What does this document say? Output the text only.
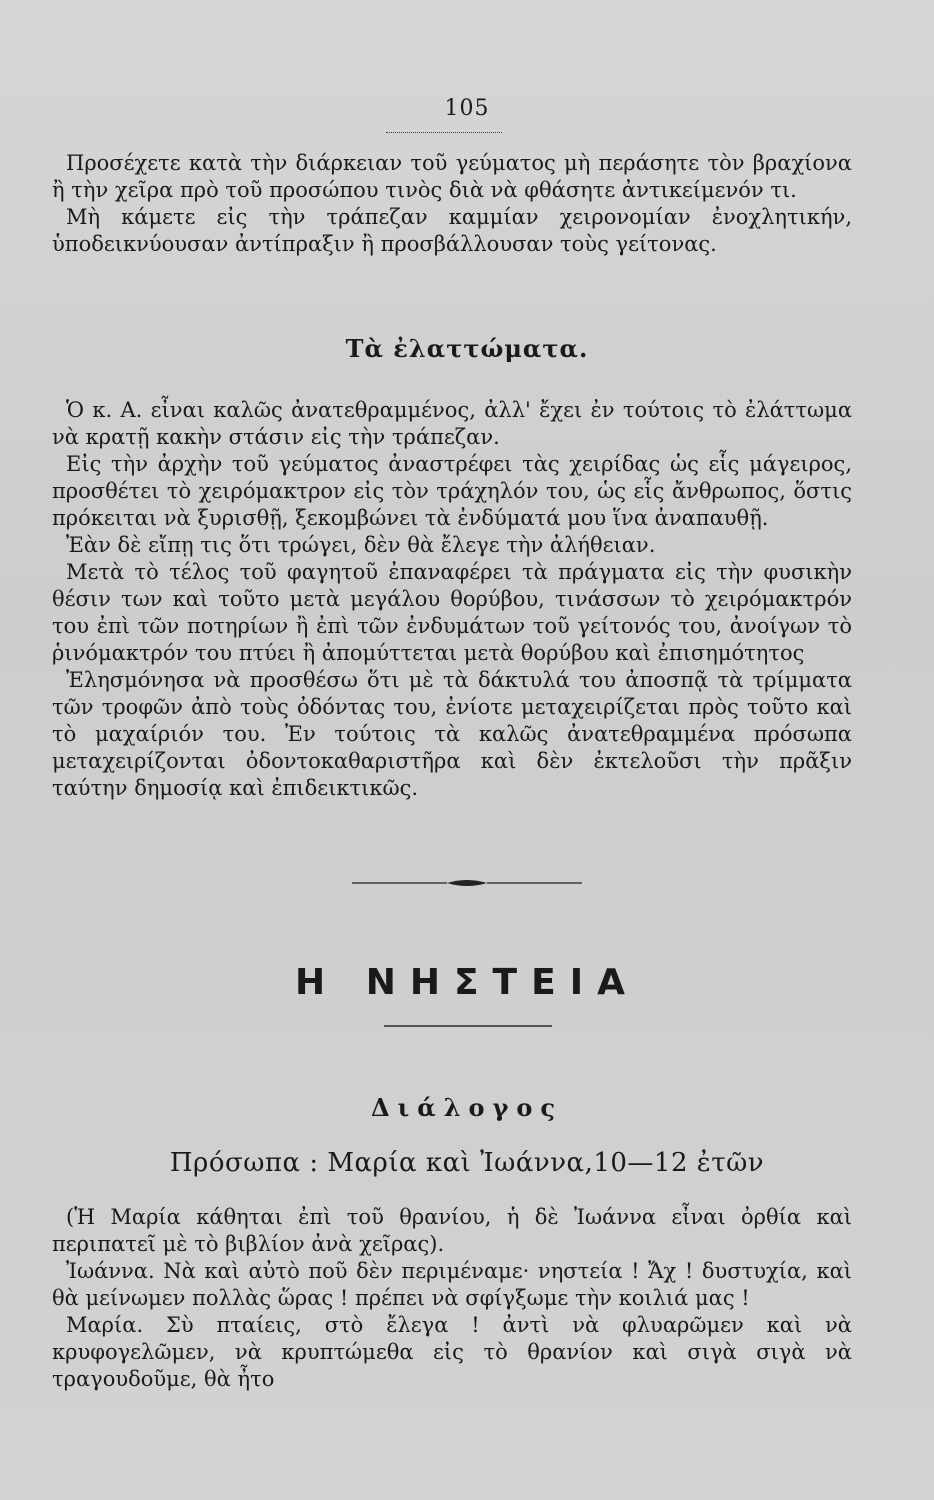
105

Προσέχετε κατὰ τὴν διάρκειαν τοῦ γεύματος μὴ περάσητε τὸν βραχίονα ἢ τὴν χεῖρα πρὸ τοῦ προσώπου τινὸς διὰ νὰ φθάσητε ἀντικείμενόν τι.

Μὴ κάμετε εἰς τὴν τράπεζαν καμμίαν χειρονομίαν ἐνοχλητικήν, ὑποδεικνύουσαν ἀντίπραξιν ἢ προσβάλλουσαν τοὺς γείτονας.

Τὰ ἐλαττώματα.

Ὁ κ. Α. εἶναι καλῶς ἀνατεθραμμένος, ἀλλ' ἔχει ἐν τούτοις τὸ ἐλάττωμα νὰ κρατῇ κακὴν στάσιν εἰς τὴν τράπεζαν.

Εἰς τὴν ἀρχὴν τοῦ γεύματος ἀναστρέφει τὰς χειρίδας ὡς εἷς μάγειρος, προσθέτει τὸ χειρόμακτρον εἰς τὸν τράχηλόν του, ὡς εἷς ἄνθρωπος, ὅστις πρόκειται νὰ ξυρισθῇ, ξεκομβώνει τὰ ἐνδύματά μου ἵνα ἀναπαυθῇ.

Ἐὰν δὲ εἴπῃ τις ὅτι τρώγει, δὲν θὰ ἔλεγε τὴν ἀλήθειαν.

Μετὰ τὸ τέλος τοῦ φαγητοῦ ἐπαναφέρει τὰ πράγματα εἰς τὴν φυσικὴν θέσιν των καὶ τοῦτο μετὰ μεγάλου θορύβου, τινάσσων τὸ χειρόμακτρόν του ἐπὶ τῶν ποτηρίων ἢ ἐπὶ τῶν ἐνδυμάτων τοῦ γείτονός του, ἀνοίγων τὸ ῥινόμακτρόν του πτύει ἢ ἀπομύττεται μετὰ θορύβου καὶ ἐπισημότητος

Ἐλησμόνησα νὰ προσθέσω ὅτι μὲ τὰ δάκτυλά του ἀποσπᾷ τὰ τρίμματα τῶν τροφῶν ἀπὸ τοὺς ὀδόντας του, ἐνίοτε μεταχειρίζεται πρὸς τοῦτο καὶ τὸ μαχαίριόν του. Ἐν τούτοις τὰ καλῶς ἀνατεθραμμένα πρόσωπα μεταχειρίζονται ὀδοντοκαθαριστῆρα καὶ δὲν ἐκτελοῦσι τὴν πρᾶξιν ταύτην δημοσίᾳ καὶ ἐπιδεικτικῶς.

Η ΝΗΣΤΕΙΑ
Διάλογος
Πρόσωπα : Μαρία καὶ Ἰωάννα,10—12 ἐτῶν

(Ἡ Μαρία κάθηται ἐπὶ τοῦ θρανίου, ἡ δὲ Ἰωάννα εἶναι ὀρθία καὶ περιπατεῖ μὲ τὸ βιβλίον ἀνὰ χεῖρας).

Ἰωάννα. Νὰ καὶ αὐτὸ ποῦ δὲν περιμέναμε· νηστεία ! Ἄχ ! δυστυχία, καὶ θὰ μείνωμεν πολλὰς ὥρας ! πρέπει νὰ σφίγξωμε τὴν κοιλιά μας !

Μαρία. Σὺ πταίεις, στὸ ἔλεγα ! ἀντὶ νὰ φλυαρῶμεν καὶ νὰ κρυφογελῶμεν, νὰ κρυπτώμεθα εἰς τὸ θρανίον καὶ σιγὰ σιγὰ νὰ τραγουδοῦμε, θὰ ἦτο
